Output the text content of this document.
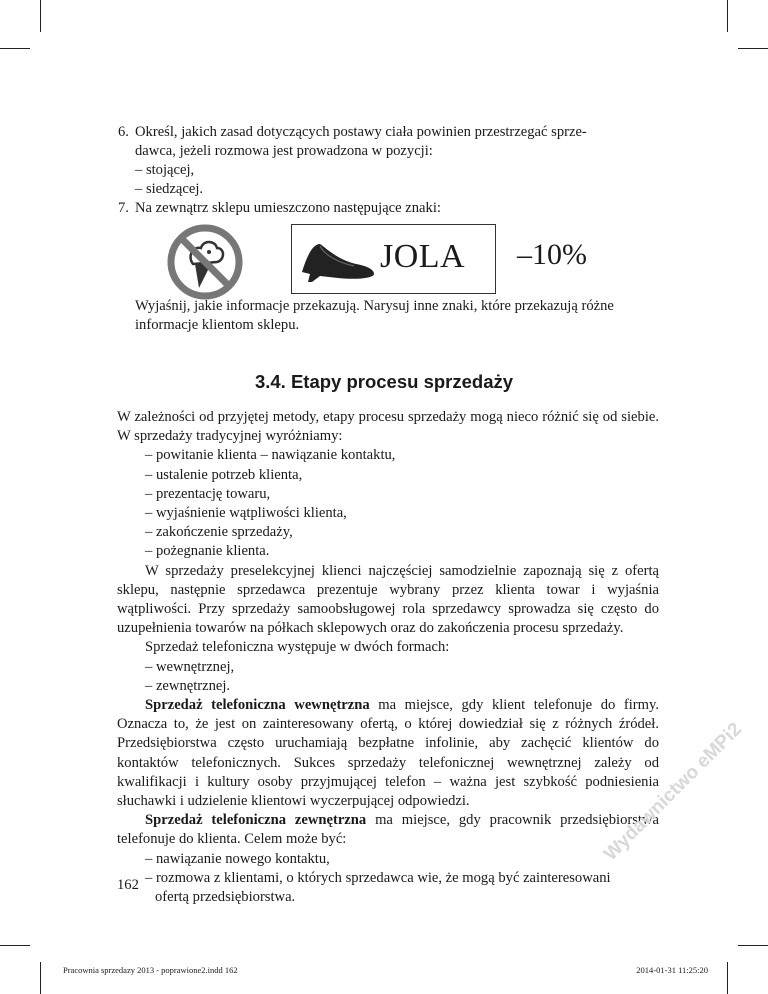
6. Określ, jakich zasad dotyczących postawy ciała powinien przestrzegać sprze-
dawca, jeżeli rozmowa jest prowadzona w pozycji:
– stojącej,
– siedzącej.
7. Na zewnątrz sklepu umieszczono następujące znaki:
JOLA –10%
Wyjaśnij, jakie informacje przekazują. Narysuj inne znaki, które przekazują różne
informacje klientom sklepu.
3.4. Etapy procesu sprzedaży

W zależności od przyjętej metody, etapy procesu sprzedaży mogą nieco różnić się od siebie. W sprzedaży tradycyjnej wyróżniamy:

– powitanie klienta – nawiązanie kontaktu,

– ustalenie potrzeb klienta,

– prezentację towaru,

– wyjaśnienie wątpliwości klienta,

– zakończenie sprzedaży,

– pożegnanie klienta.

W sprzedaży preselekcyjnej klienci najczęściej samodzielnie zapoznają się z ofertą sklepu, następnie sprzedawca prezentuje wybrany przez klienta towar i wyjaśnia wątpliwości. Przy sprzedaży samoobsługowej rola sprzedawcy sprowadza się często do uzupełnienia towarów na półkach sklepowych oraz do zakończenia procesu sprzedaży.

Sprzedaż telefoniczna występuje w dwóch formach:

– wewnętrznej,

– zewnętrznej.

Sprzedaż telefoniczna wewnętrzna ma miejsce, gdy klient telefonuje do firmy. Oznacza to, że jest on zainteresowany ofertą, o której dowiedział się z różnych źródeł. Przedsiębiorstwa często uruchamiają bezpłatne infolinie, aby zachęcić klientów do kontaktów telefonicznych. Sukces sprzedaży telefonicznej wewnętrznej zależy od kwalifikacji i kultury osoby przyjmującej telefon – ważna jest szybkość podniesienia słuchawki i udzielenie klientowi wyczerpującej odpowiedzi.

Sprzedaż telefoniczna zewnętrzna ma miejsce, gdy pracownik przedsiębiorstwa telefonuje do klienta. Celem może być:

– nawiązanie nowego kontaktu,

– rozmowa z klientami, o których sprzedawca wie, że mogą być zainteresowani

ofertą przedsiębiorstwa.

162
Wydawnictwo eMPi2
Pracownia sprzedazy 2013 - poprawione2.indd 162	2014-01-31 11:25:20
